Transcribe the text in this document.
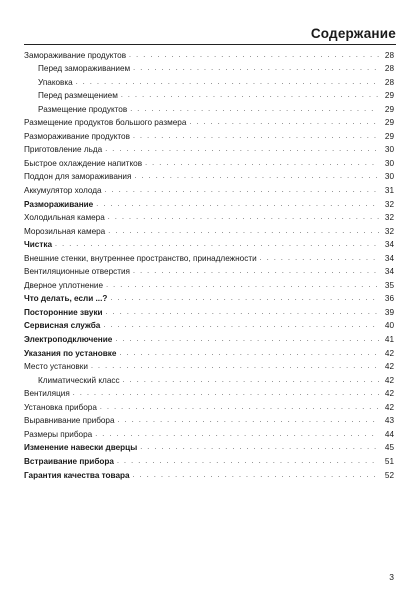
Содержание
Замораживание продуктов . . .	28
Перед замораживанием . . .	28
Упаковка . . .	28
Перед размещением . . .	29
Размещение продуктов . . .	29
Размещение продуктов большого размера . . .	29
Размораживание продуктов . . .	29
Приготовление льда . . .	30
Быстрое охлаждение напитков . . .	30
Поддон для замораживания . . .	30
Аккумулятор холода . . .	31
Размораживание . . .	32
Холодильная камера . . .	32
Морозильная камера . . .	32
Чистка . . .	34
Внешние стенки, внутреннее пространство, принадлежности . . .	34
Вентиляционные отверстия . . .	34
Дверное уплотнение . . .	35
Что делать, если ...? . . .	36
Посторонние звуки . . .	39
Сервисная служба . . .	40
Электроподключение . . .	41
Указания по установке . . .	42
Место установки . . .	42
Климатический класс . . .	42
Вентиляция . . .	42
Установка прибора . . .	42
Выравнивание прибора . . .	43
Размеры прибора . . .	44
Изменение навески дверцы . . .	45
Встраивание прибора . . .	51
Гарантия качества товара . . .	52
3
